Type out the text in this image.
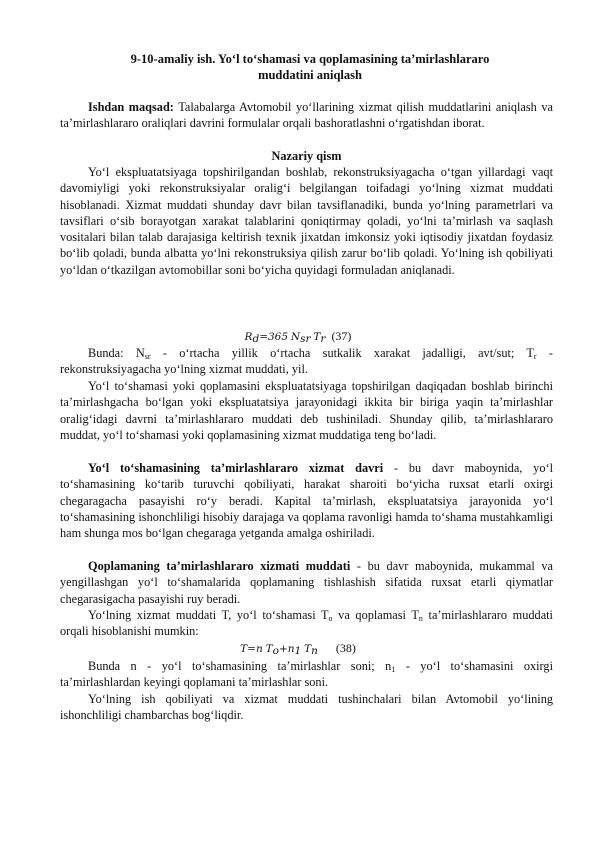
9-10-amaliy ish. Yo‘l to‘shamasi va qoplamasining ta’mirlashlararo
muddatini aniqlash
Ishdan maqsad: Talabalarga Avtomobil yo‘llarining xizmat qilish muddatlarini aniqlash va ta’mirlashlararo oraliqlari davrini formulalar orqali bashoratlashni o‘rgatishdan iborat.
Nazariy qism
Yo‘l ekspluatatsiyaga topshirilgandan boshlab, rekonstruksiyagacha o‘tgan yillardagi vaqt davomiyligi yoki rekonstruksiyalar oralig‘i belgilangan toifadagi yo‘lning xizmat muddati hisoblanadi. Xizmat muddati shunday davr bilan tavsiflanadiki, bunda yo‘lning parametrlari va tavsiflari o‘sib borayotgan xarakat talablarini qoniqtirmay qoladi, yo‘lni ta’mirlash va saqlash vositalari bilan talab darajasiga keltirish texnik jixatdan imkonsiz yoki iqtisodiy jixatdan foydasiz bo‘lib qoladi, bunda albatta yo‘lni rekonstruksiya qilish zarur bo‘lib qoladi. Yo‘lning ish qobiliyati yo‘ldan o‘tkazilgan avtomobillar soni bo‘yicha quyidagi formuladan aniqlanadi.
$R_d=365$ $N_{sr}$ $T_r$ (37)
Bunda: $N_{sr}$ - o‘rtacha yillik o‘rtacha sutkalik xarakat jadalligi, avt/sut; $T_r$ - rekonstruksiyagacha yo‘lning xizmat muddati, yil.
Yo‘l to‘shamasi yoki qoplamasini ekspluatatsiyaga topshirilgan daqiqadan boshlab birinchi ta’mirlashgacha bo‘lgan yoki ekspluatatsiya jarayonidagi ikkita bir biriga yaqin ta’mirlashlar oralig‘idagi davrni ta’mirlashlararo muddati deb tushiniladi. Shunday qilib, ta’mirlashlararo muddat, yo‘l to‘shamasi yoki qoplamasining xizmat muddatiga teng bo‘ladi.
Yo‘l to‘shamasining ta’mirlashlararo xizmat davri - bu davr maboynida, yo‘l to‘shamasining ko‘tarib turuvchi qobiliyati, harakat sharoiti bo‘yicha ruxsat etarli oxirgi chegaragacha pasayishi ro‘y beradi. Kapital ta’mirlash, ekspluatatsiya jarayonida yo‘l to‘shamasining ishonchliligi hisobiy darajaga va qoplama ravonligi hamda to‘shama mustahkamligi ham shunga mos bo‘lgan chegaraga yetganda amalga oshiriladi.
Qoplamaning ta’mirlashlararo xizmati muddati - bu davr maboynida, mukammal va yengillashgan yo‘l to‘shamalarida qoplamaning tishlashish sifatida ruxsat etarli qiymatlar chegarasigacha pasayishi ruy beradi.
Yo‘lning xizmat muddati T, yo‘l to‘shamasi $T_o$ va qoplamasi $T_n$ ta’mirlashlararo muddati orqali hisoblanishi mumkin:
T=n $T_o+n_1$ $T_n$ (38)
Bunda n - yo‘l to‘shamasining ta’mirlashlar soni; $n_1$ - yo‘l to‘shamasini oxirgi ta’mirlashlardan keyingi qoplamani ta’mirlashlar soni.
Yo‘lning ish qobiliyati va xizmat muddati tushinchalari bilan Avtomobil yo‘lining ishonchliligi chambarchas bog‘liqdir.
